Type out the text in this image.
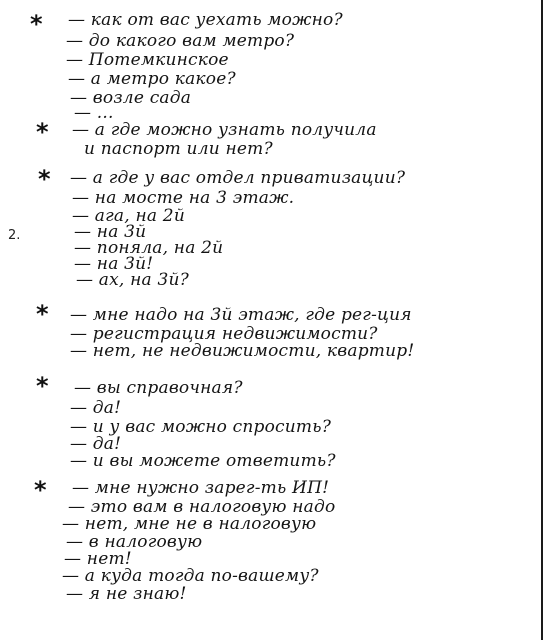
*
*
*
*
*
*
2.
— как от вас уехать можно?
— до какого вам метро?
— Потемкинское
— а метро какое?
— возле сада
— ...
— а где можно узнать получила
и паспорт или нет?
— а где у вас отдел приватизации?
— на мосте на 3 этаж.
— ага, на 2й
— на 3й
— поняла, на 2й
— на 3й!
— ах, на 3й?
— мне надо на 3й этаж, где рег-ция
— регистрация недвижимости?
— нет, не недвижимости, квартир!
— вы справочная?
— да!
— и у вас можно спросить?
— да!
— и вы можете ответить?
— мне нужно зарег-ть ИП!
— это вам в налоговую надо
— нет, мне не в налоговую
— в налоговую
— нет!
— а куда тогда по-вашему?
— я не знаю!
